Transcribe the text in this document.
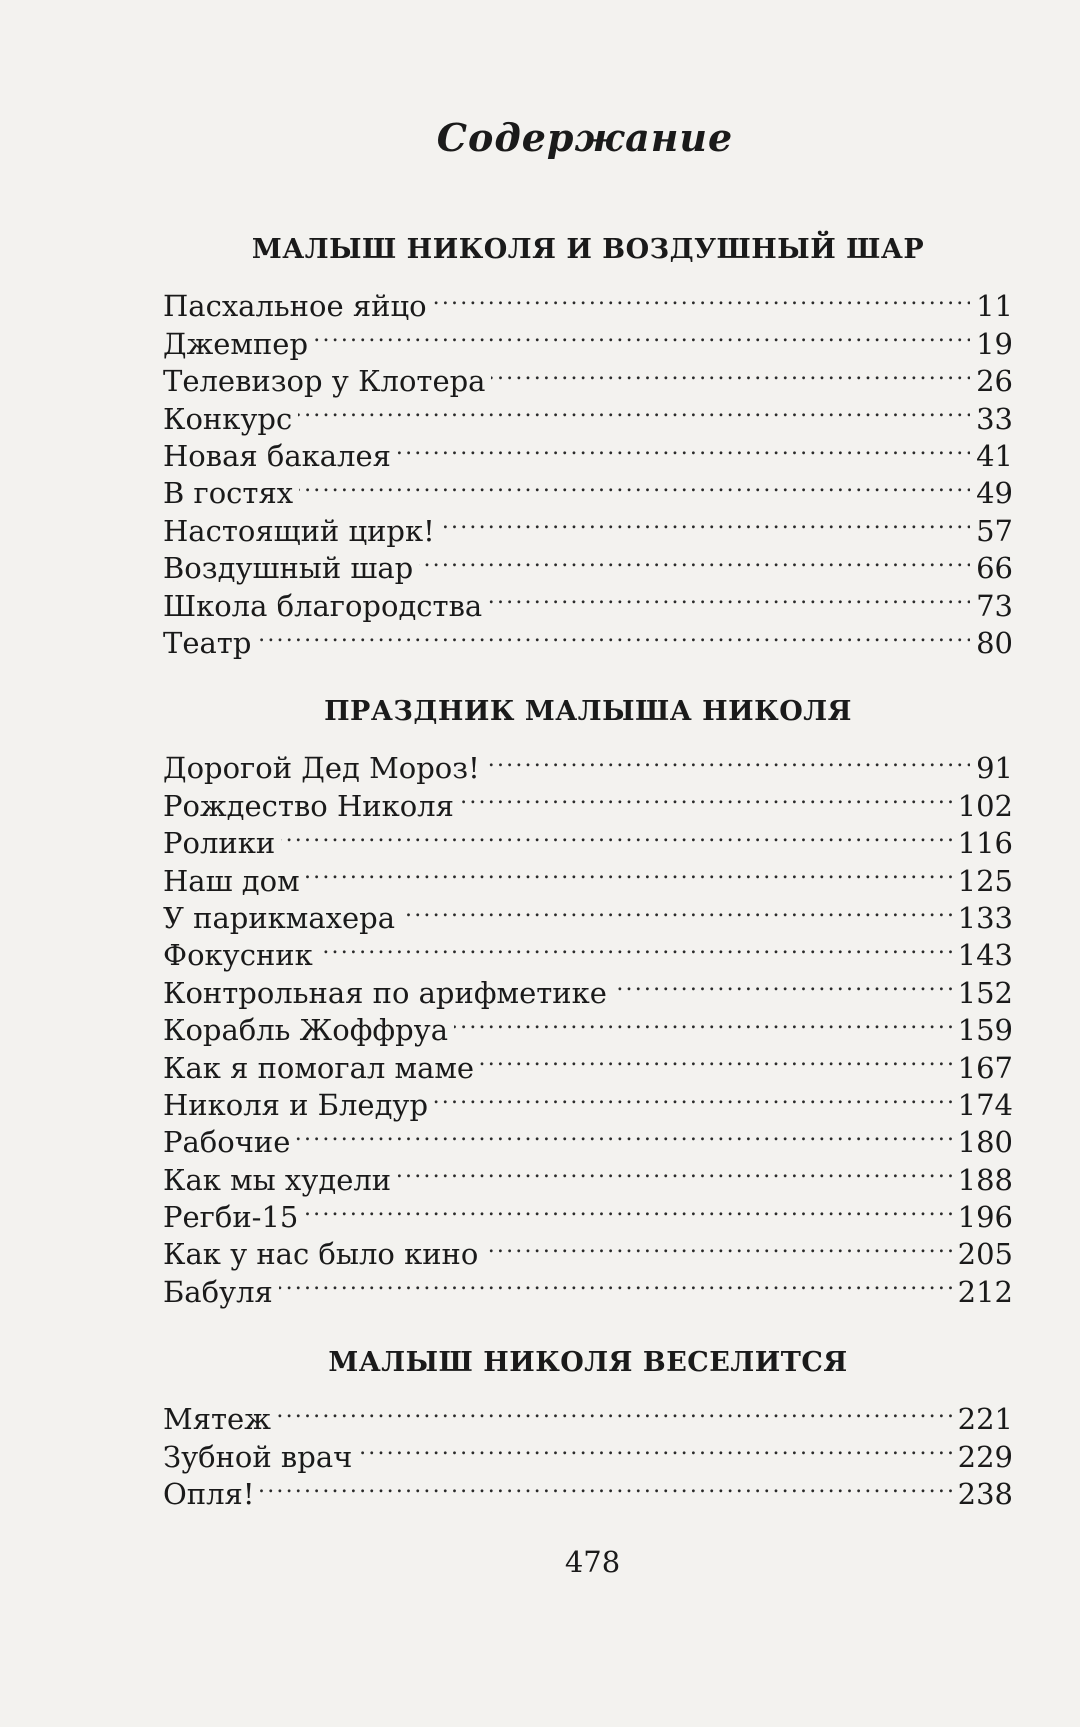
Содержание
МАЛЫШ НИКОЛЯ И ВОЗДУШНЫЙ ШАР
Пасхальное яйцо . . .	11
Джемпер . . .	19
Телевизор у Клотера . . .	26
Конкурс . . .	33
Новая бакалея . . .	41
В гостях . . .	49
Настоящий цирк! . . .	57
Воздушный шар . . .	66
Школа благородства . . .	73
Театр . . .	80
ПРАЗДНИК МАЛЫША НИКОЛЯ
Дорогой Дед Мороз! . . .	91
Рождество Николя . . .	102
Ролики . . .	116
Наш дом . . .	125
У парикмахера . . .	133
Фокусник . . .	143
Контрольная по арифметике . . .	152
Корабль Жоффруа . . .	159
Как я помогал маме . . .	167
Николя и Бледур . . .	174
Рабочие . . .	180
Как мы худели . . .	188
Регби-15 . . .	196
Как у нас было кино . . .	205
Бабуля . . .	212
МАЛЫШ НИКОЛЯ ВЕСЕЛИТСЯ
Мятеж . . .	221
Зубной врач . . .	229
Опля! . . .	238
478
